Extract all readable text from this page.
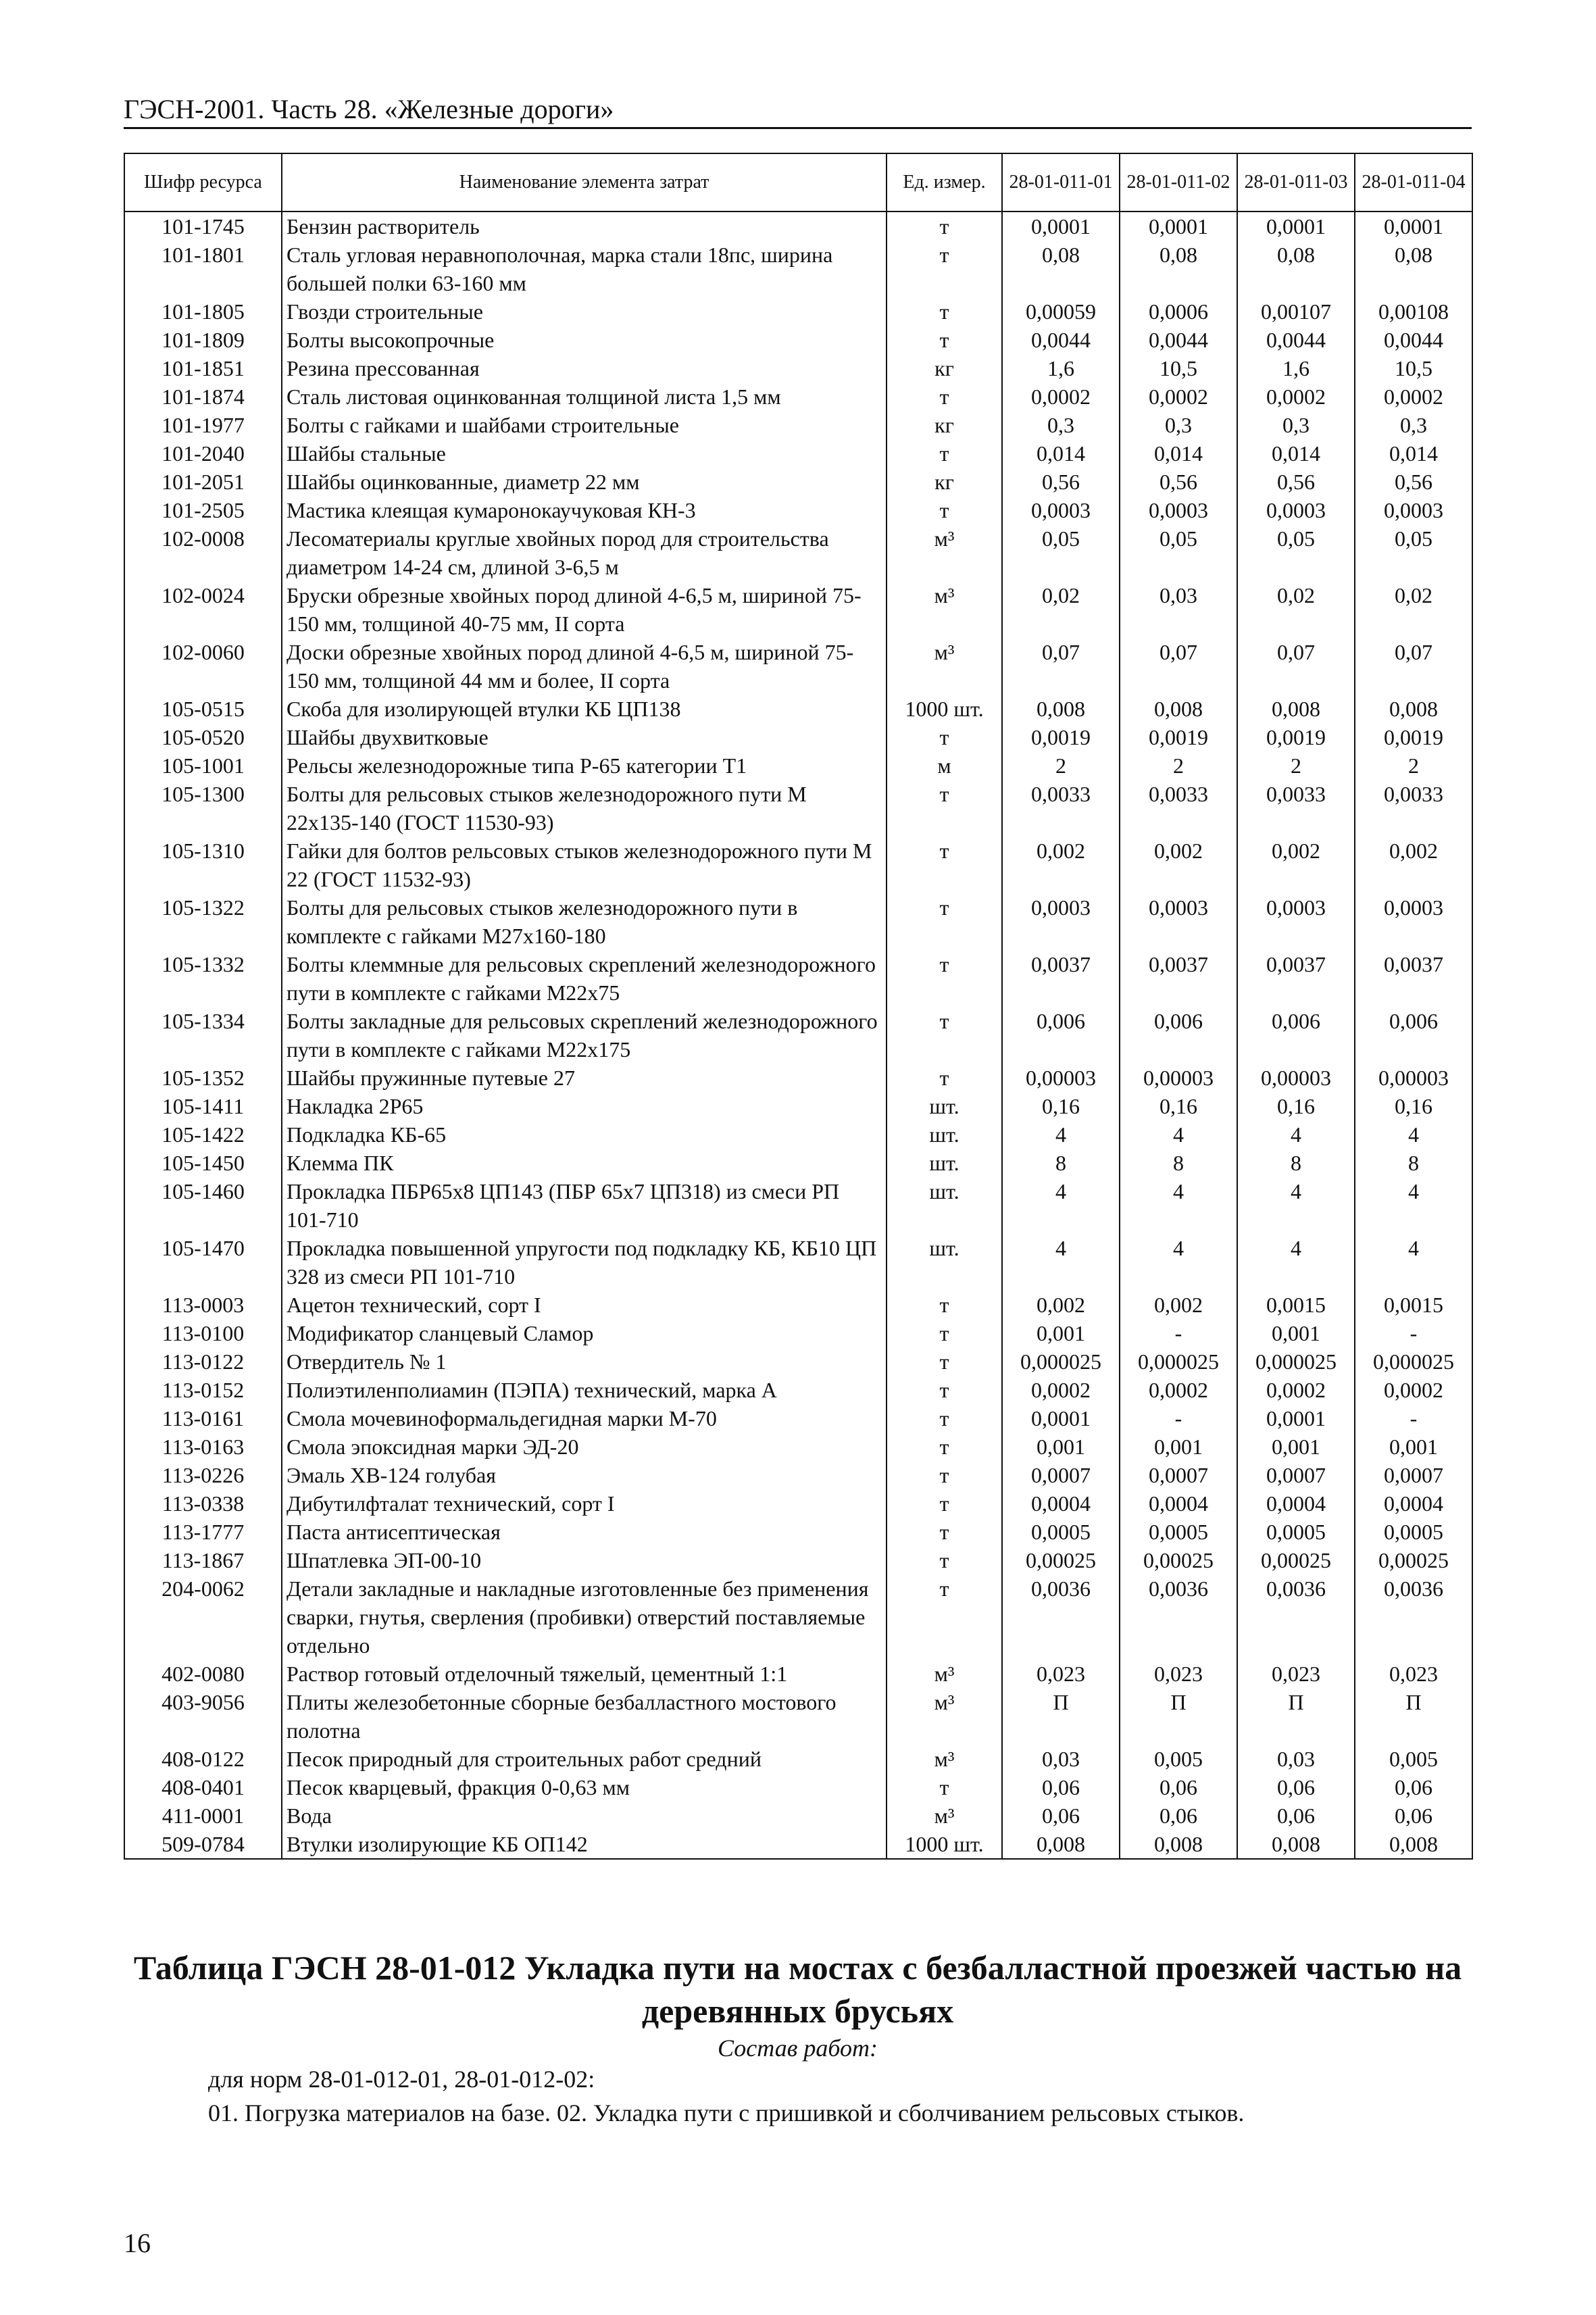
ГЭСН-2001. Часть 28. «Железные дороги»
Шифр ресурса	Наименование элемента затрат	Ед. измер.	28-01-011-01	28-01-011-02	28-01-011-03	28-01-011-04
101-1745	Бензин растворитель	т	0,0001	0,0001	0,0001	0,0001
101-1801	Сталь угловая неравнополочная, марка стали 18пс, ширина большей полки 63-160 мм	т	0,08	0,08	0,08	0,08
101-1805	Гвозди строительные	т	0,00059	0,0006	0,00107	0,00108
101-1809	Болты высокопрочные	т	0,0044	0,0044	0,0044	0,0044
101-1851	Резина прессованная	кг	1,6	10,5	1,6	10,5
101-1874	Сталь листовая оцинкованная толщиной листа 1,5 мм	т	0,0002	0,0002	0,0002	0,0002
101-1977	Болты с гайками и шайбами строительные	кг	0,3	0,3	0,3	0,3
101-2040	Шайбы стальные	т	0,014	0,014	0,014	0,014
101-2051	Шайбы оцинкованные, диаметр 22 мм	кг	0,56	0,56	0,56	0,56
101-2505	Мастика клеящая кумаронокаучуковая КН-3	т	0,0003	0,0003	0,0003	0,0003
102-0008	Лесоматериалы круглые хвойных пород для строительства диаметром 14-24 см, длиной 3-6,5 м	м³	0,05	0,05	0,05	0,05
102-0024	Бруски обрезные хвойных пород длиной 4-6,5 м, шириной 75-150 мм, толщиной 40-75 мм, II сорта	м³	0,02	0,03	0,02	0,02
102-0060	Доски обрезные хвойных пород длиной 4-6,5 м, шириной 75-150 мм, толщиной 44 мм и более, II сорта	м³	0,07	0,07	0,07	0,07
105-0515	Скоба для изолирующей втулки КБ ЦП138	1000 шт.	0,008	0,008	0,008	0,008
105-0520	Шайбы двухвитковые	т	0,0019	0,0019	0,0019	0,0019
105-1001	Рельсы железнодорожные типа Р-65 категории Т1	м	2	2	2	2
105-1300	Болты для рельсовых стыков железнодорожного пути М 22х135-140 (ГОСТ 11530-93)	т	0,0033	0,0033	0,0033	0,0033
105-1310	Гайки для болтов рельсовых стыков железнодорожного пути М 22 (ГОСТ 11532-93)	т	0,002	0,002	0,002	0,002
105-1322	Болты для рельсовых стыков железнодорожного пути в комплекте с гайками М27х160-180	т	0,0003	0,0003	0,0003	0,0003
105-1332	Болты клеммные для рельсовых скреплений железнодорожного пути в комплекте с гайками М22х75	т	0,0037	0,0037	0,0037	0,0037
105-1334	Болты закладные для рельсовых скреплений железнодорожного пути в комплекте с гайками М22х175	т	0,006	0,006	0,006	0,006
105-1352	Шайбы пружинные путевые 27	т	0,00003	0,00003	0,00003	0,00003
105-1411	Накладка 2Р65	шт.	0,16	0,16	0,16	0,16
105-1422	Подкладка КБ-65	шт.	4	4	4	4
105-1450	Клемма ПК	шт.	8	8	8	8
105-1460	Прокладка ПБР65х8 ЦП143 (ПБР 65х7 ЦП318) из смеси РП 101-710	шт.	4	4	4	4
105-1470	Прокладка повышенной упругости под подкладку КБ, КБ10 ЦП 328 из смеси РП 101-710	шт.	4	4	4	4
113-0003	Ацетон технический, сорт I	т	0,002	0,002	0,0015	0,0015
113-0100	Модификатор сланцевый Сламор	т	0,001	-	0,001	-
113-0122	Отвердитель № 1	т	0,000025	0,000025	0,000025	0,000025
113-0152	Полиэтиленполиамин (ПЭПА) технический, марка А	т	0,0002	0,0002	0,0002	0,0002
113-0161	Смола мочевиноформальдегидная марки М-70	т	0,0001	-	0,0001	-
113-0163	Смола эпоксидная марки ЭД-20	т	0,001	0,001	0,001	0,001
113-0226	Эмаль ХВ-124 голубая	т	0,0007	0,0007	0,0007	0,0007
113-0338	Дибутилфталат технический, сорт I	т	0,0004	0,0004	0,0004	0,0004
113-1777	Паста антисептическая	т	0,0005	0,0005	0,0005	0,0005
113-1867	Шпатлевка ЭП-00-10	т	0,00025	0,00025	0,00025	0,00025
204-0062	Детали закладные и накладные изготовленные без применения сварки, гнутья, сверления (пробивки) отверстий поставляемые отдельно	т	0,0036	0,0036	0,0036	0,0036
402-0080	Раствор готовый отделочный тяжелый, цементный 1:1	м³	0,023	0,023	0,023	0,023
403-9056	Плиты железобетонные сборные безбалластного мостового полотна	м³	П	П	П	П
408-0122	Песок природный для строительных работ средний	м³	0,03	0,005	0,03	0,005
408-0401	Песок кварцевый, фракция 0-0,63 мм	т	0,06	0,06	0,06	0,06
411-0001	Вода	м³	0,06	0,06	0,06	0,06
509-0784	Втулки изолирующие КБ ОП142	1000 шт.	0,008	0,008	0,008	0,008
Таблица ГЭСН 28-01-012 Укладка пути на мостах с безбалластной проезжей частью на деревянных брусьях
Состав работ:
для норм 28-01-012-01, 28-01-012-02:
01. Погрузка материалов на базе. 02. Укладка пути с пришивкой и сболчиванием рельсовых стыков.
16
